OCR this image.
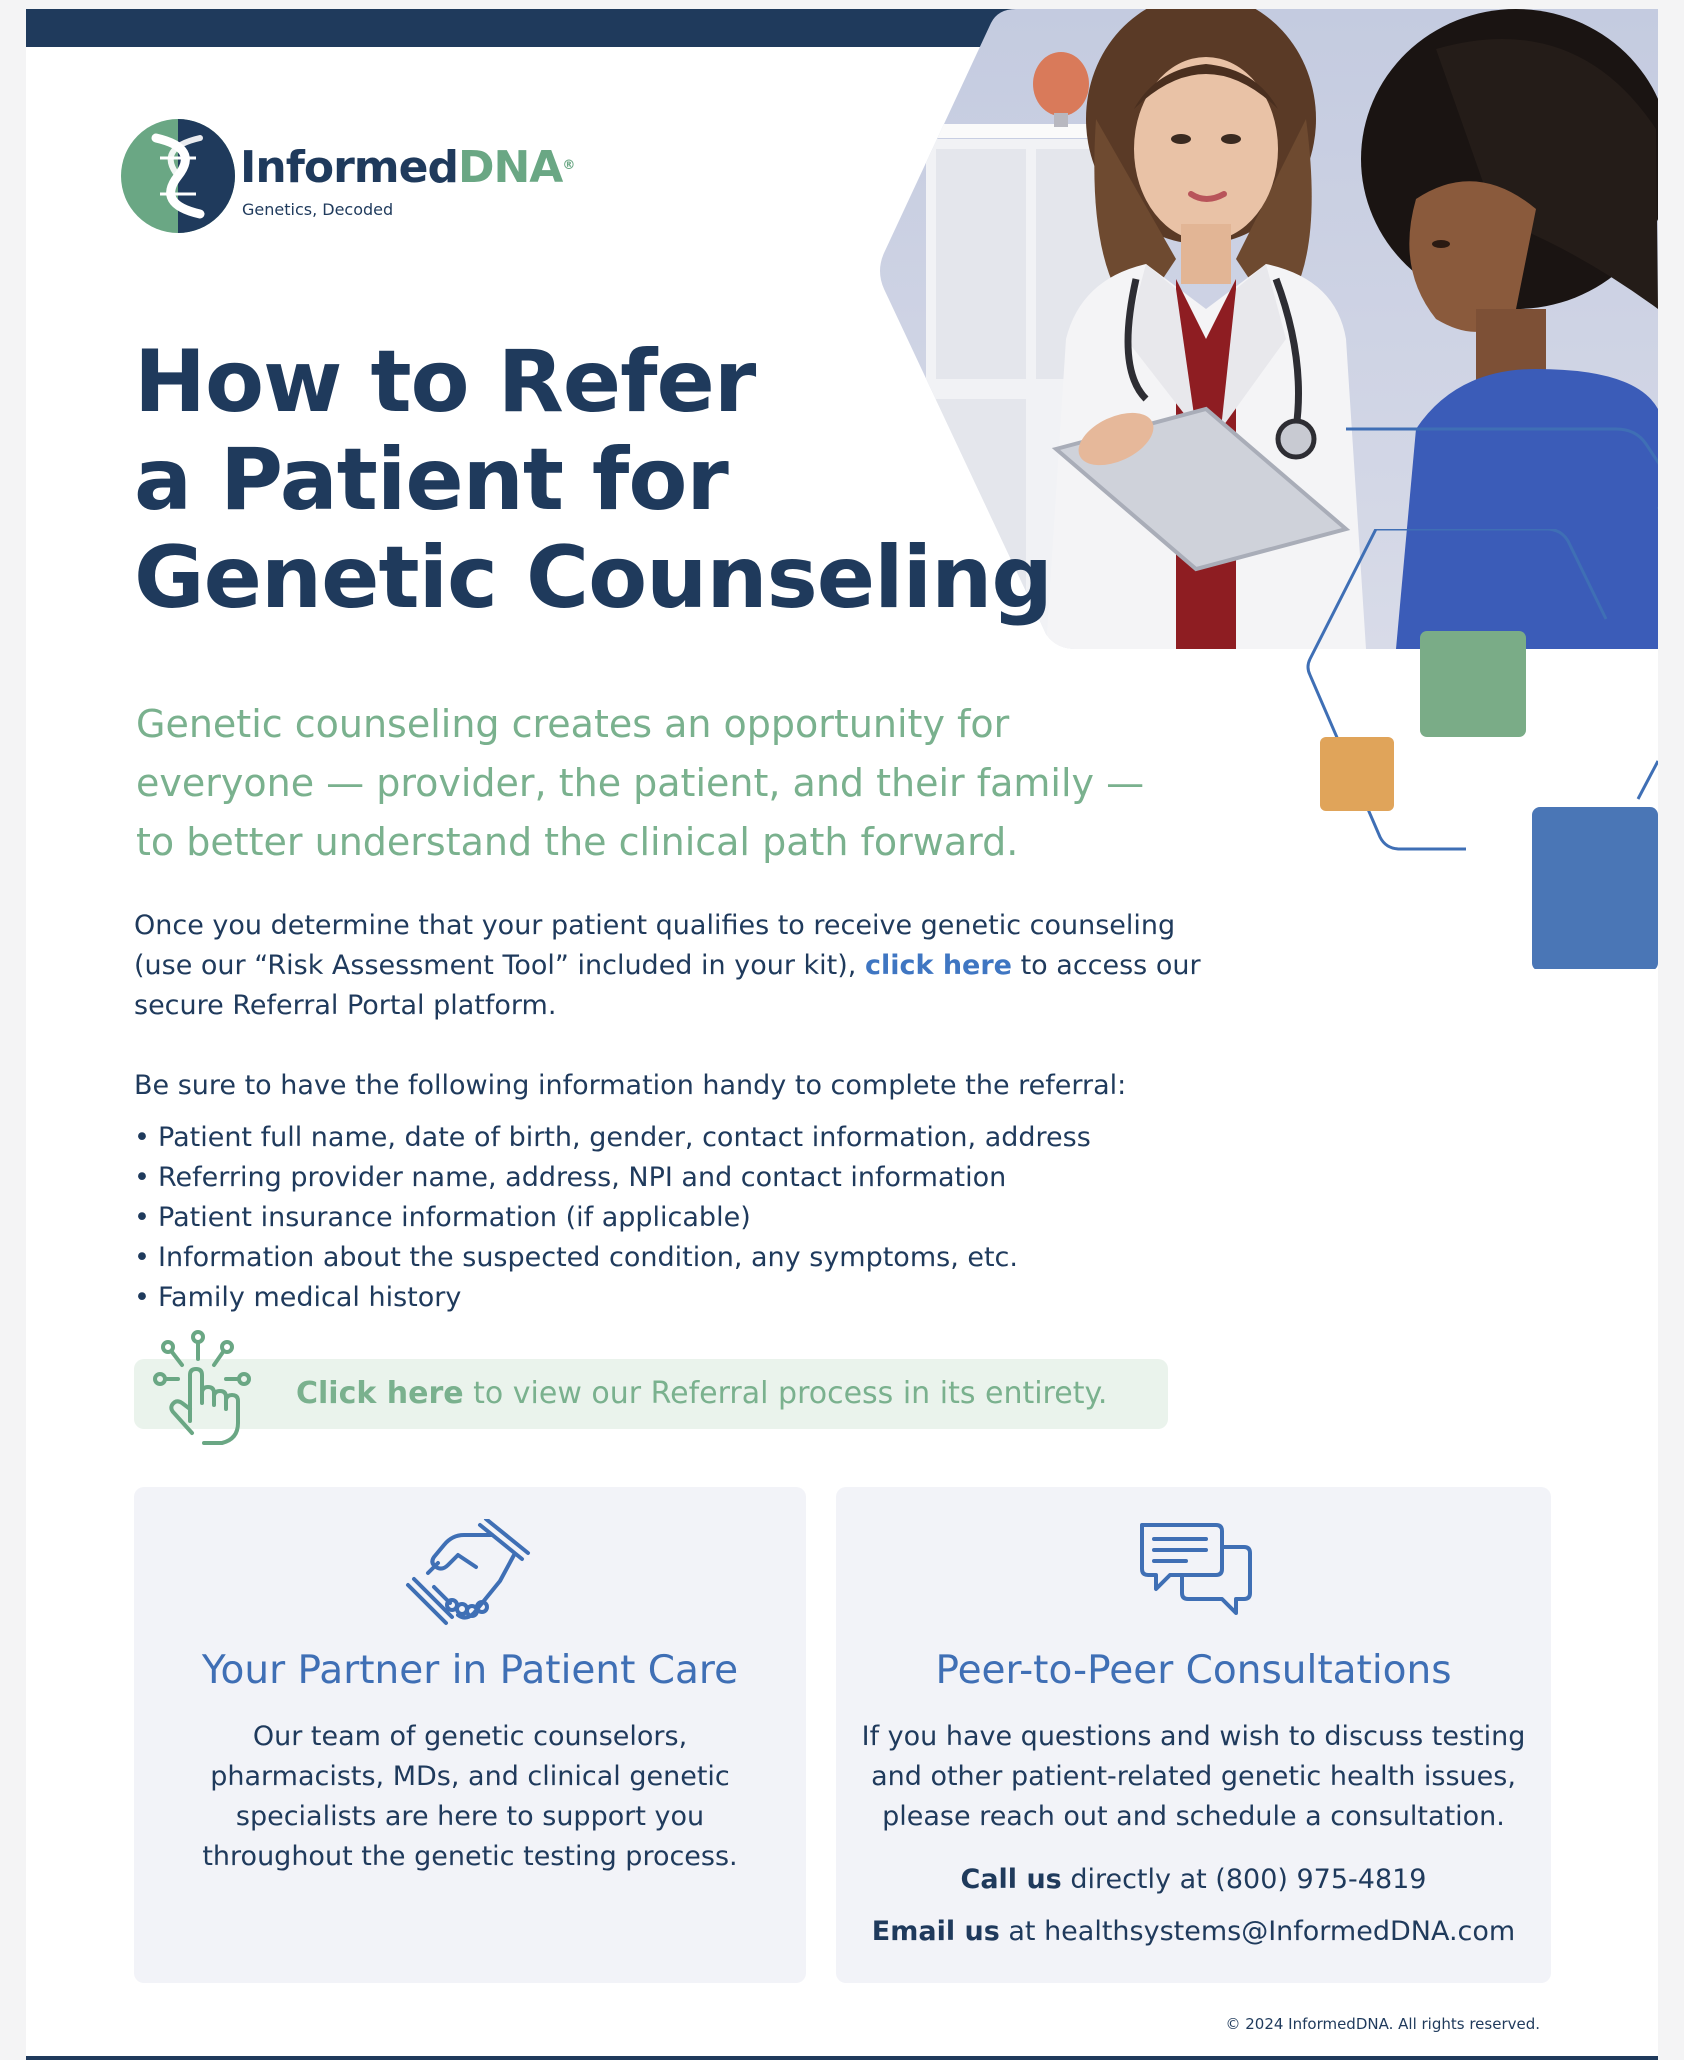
InformedDNA®
Genetics, Decoded
How to Refer
a Patient for
Genetic Counseling
Genetic counseling creates an opportunity for
everyone — provider, the patient, and their family —
to better understand the clinical path forward.
Once you determine that your patient qualifies to receive genetic counseling
(use our “Risk Assessment Tool” included in your kit), click here to access our
secure Referral Portal platform.
Be sure to have the following information handy to complete the referral:
• Patient full name, date of birth, gender, contact information, address
• Referring provider name, address, NPI and contact information
• Patient insurance information (if applicable)
• Information about the suspected condition, any symptoms, etc.
• Family medical history
Click here to view our Referral process in its entirety.
Your Partner in Patient Care
Our team of genetic counselors,
pharmacists, MDs, and clinical genetic
specialists are here to support you
throughout the genetic testing process.
Peer-to-Peer Consultations
If you have questions and wish to discuss testing
and other patient-related genetic health issues,
please reach out and schedule a consultation.
Call us directly at (800) 975-4819
Email us at healthsystems@InformedDNA.com
© 2024 InformedDNA. All rights reserved.
